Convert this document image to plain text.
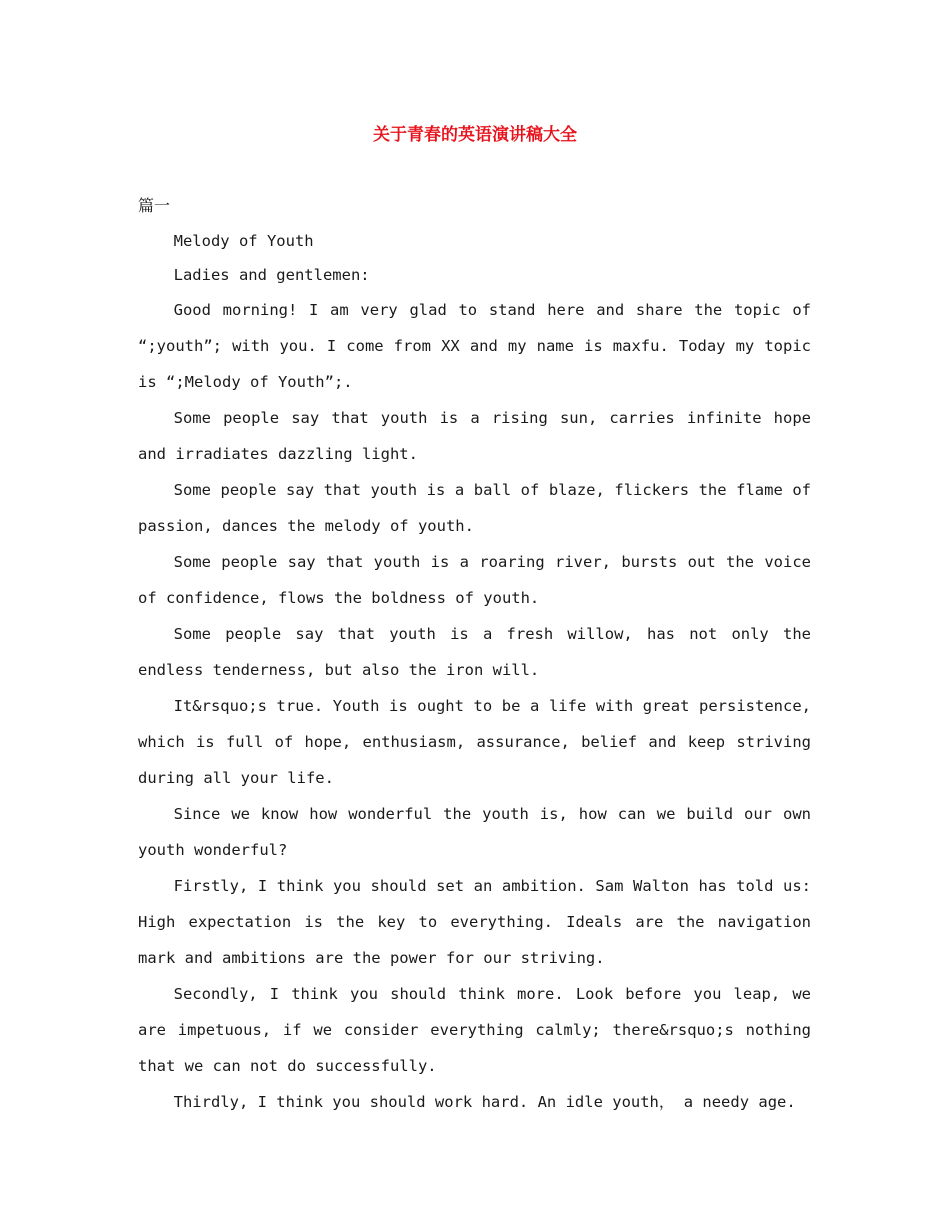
关于青春的英语演讲稿大全
篇一

Melody of Youth

Ladies and gentlemen:

Good morning! I am very glad to stand here and share the topic of “;youth”; with you. I come from XX and my name is maxfu. Today my topic is “;Melody of Youth”;.

Some people say that youth is a rising sun, carries infinite hope and irradiates dazzling light.

Some people say that youth is a ball of blaze, flickers the flame of passion, dances the melody of youth.

Some people say that youth is a roaring river, bursts out the voice of confidence, flows the boldness of youth.

Some people say that youth is a fresh willow, has not only the endless tenderness, but also the iron will.

It&rsquo;s true. Youth is ought to be a life with great persistence, which is full of hope, enthusiasm, assurance, belief and keep striving during all your life.

Since we know how wonderful the youth is, how can we build our own youth wonderful?

Firstly, I think you should set an ambition. Sam Walton has told us: High expectation is the key to everything. Ideals are the navigation mark and ambitions are the power for our striving.

Secondly, I think you should think more. Look before you leap, we are impetuous, if we consider everything calmly; there&rsquo;s nothing that we can not do successfully.

Thirdly, I think you should work hard. An idle youth， a needy age.
